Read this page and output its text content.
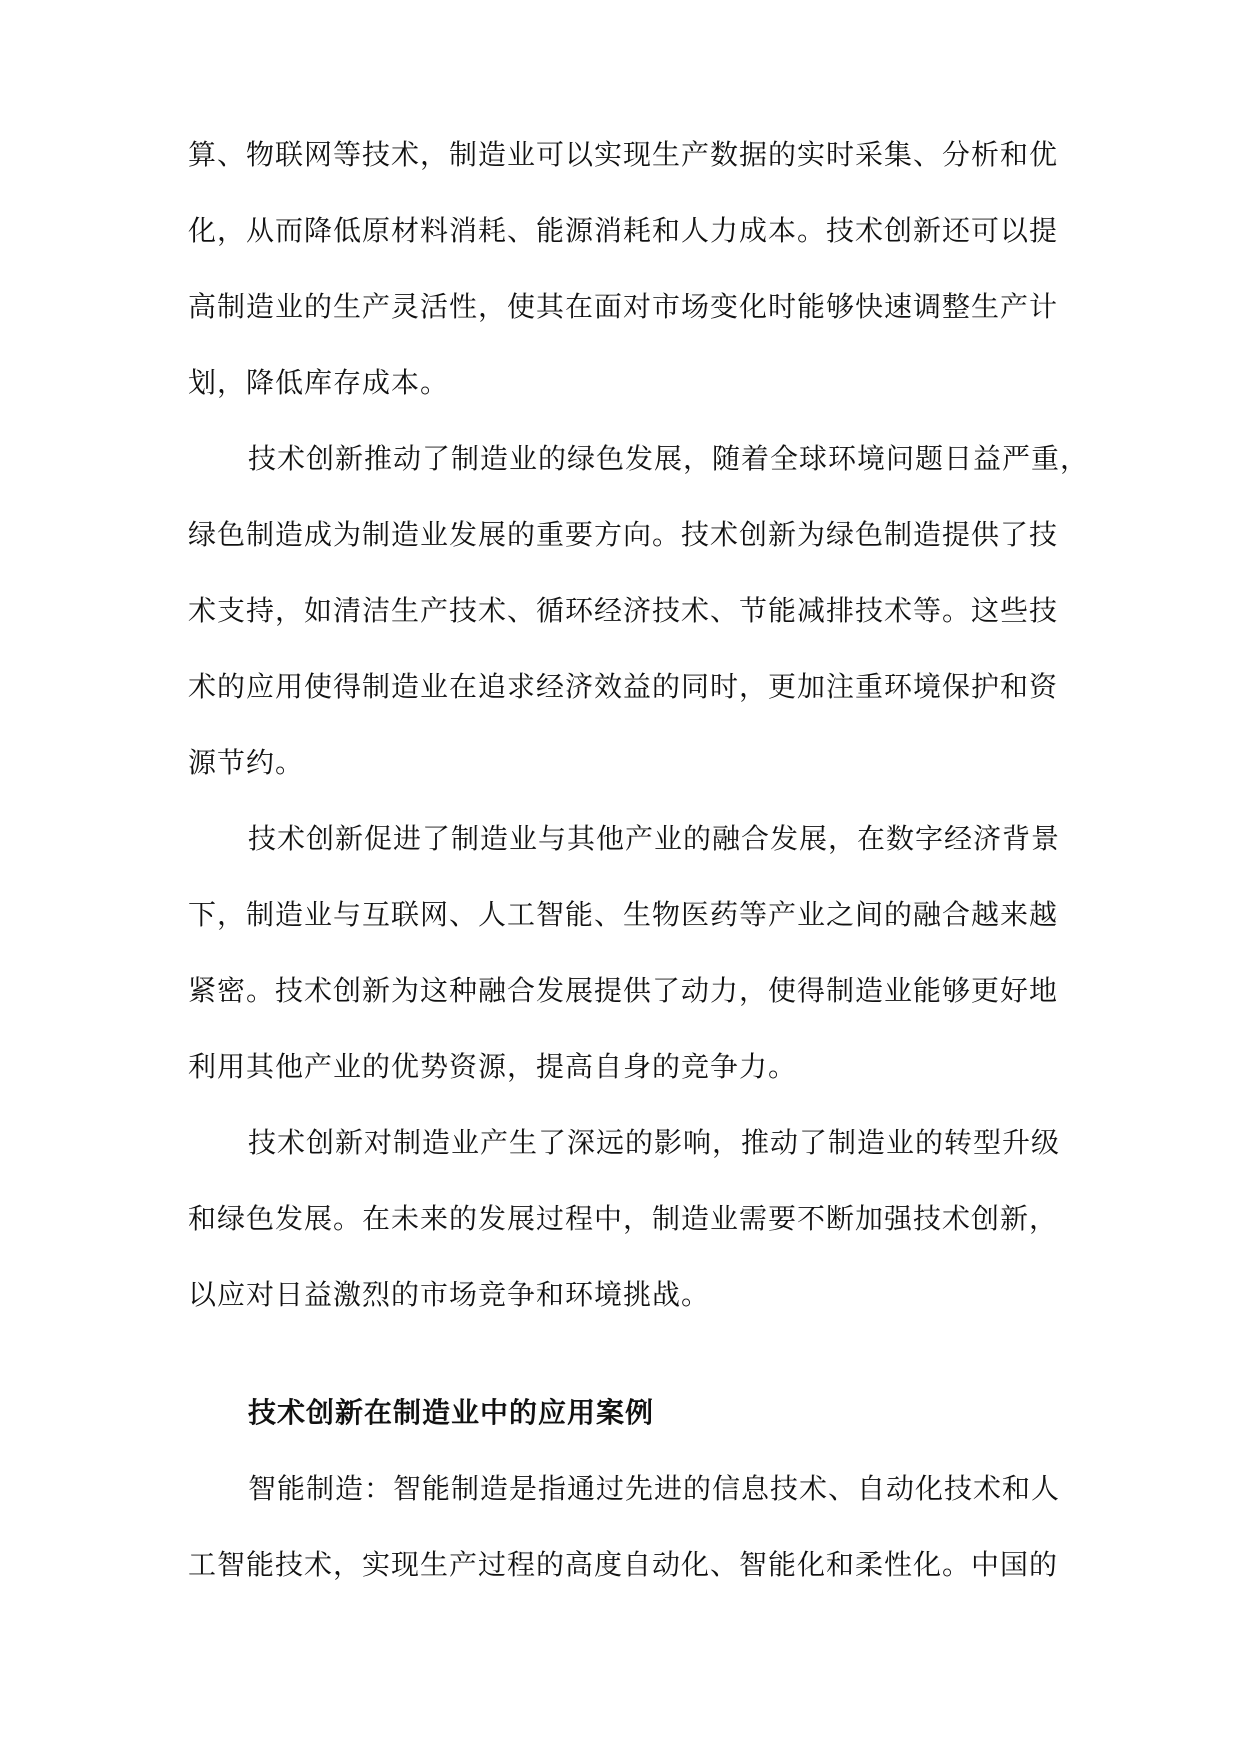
算、物联网等技术，制造业可以实现生产数据的实时采集、分析和优
化，从而降低原材料消耗、能源消耗和人力成本。技术创新还可以提
高制造业的生产灵活性，使其在面对市场变化时能够快速调整生产计
划，降低库存成本。
技术创新推动了制造业的绿色发展，随着全球环境问题日益严重，
绿色制造成为制造业发展的重要方向。技术创新为绿色制造提供了技
术支持，如清洁生产技术、循环经济技术、节能减排技术等。这些技
术的应用使得制造业在追求经济效益的同时，更加注重环境保护和资
源节约。
技术创新促进了制造业与其他产业的融合发展，在数字经济背景
下，制造业与互联网、人工智能、生物医药等产业之间的融合越来越
紧密。技术创新为这种融合发展提供了动力，使得制造业能够更好地
利用其他产业的优势资源，提高自身的竞争力。
技术创新对制造业产生了深远的影响，推动了制造业的转型升级
和绿色发展。在未来的发展过程中，制造业需要不断加强技术创新，
以应对日益激烈的市场竞争和环境挑战。
技术创新在制造业中的应用案例
智能制造：智能制造是指通过先进的信息技术、自动化技术和人
工智能技术，实现生产过程的高度自动化、智能化和柔性化。中国的
